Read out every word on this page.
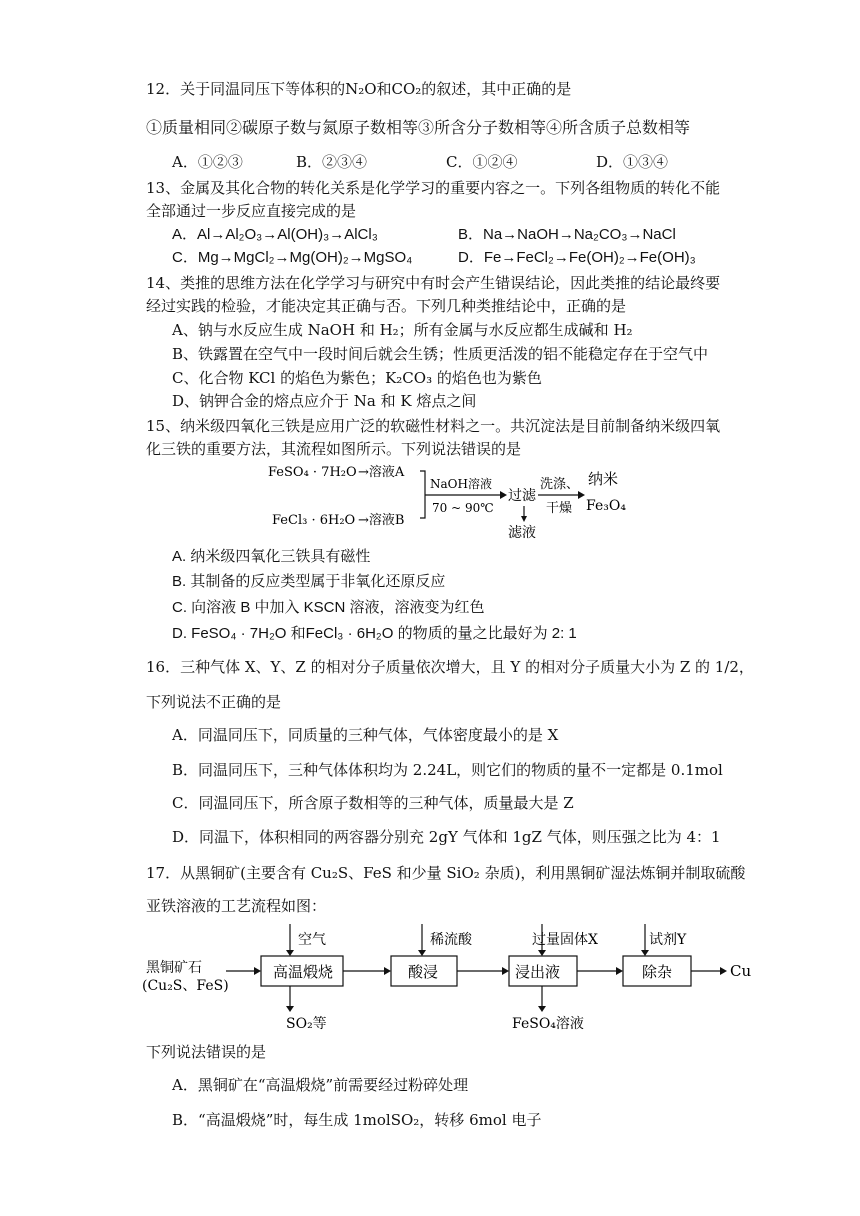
12．关于同温同压下等体积的N₂O和CO₂的叙述，其中正确的是
①质量相同②碳原子数与氮原子数相等③所含分子数相等④所含质子总数相等
A．①②③	B．②③④	C．①②④	D．①③④
13、金属及其化合物的转化关系是化学学习的重要内容之一。下列各组物质的转化不能
全部通过一步反应直接完成的是
A．Al→Al₂O₃→Al(OH)₃→AlCl₃	B．Na→NaOH→Na₂CO₃→NaCl
C．Mg→MgCl₂→Mg(OH)₂→MgSO₄	D．Fe→FeCl₂→Fe(OH)₂→Fe(OH)₃
14、类推的思维方法在化学学习与研究中有时会产生错误结论，因此类推的结论最终要
经过实践的检验，才能决定其正确与否。下列几种类推结论中，正确的是
A、钠与水反应生成 NaOH 和 H₂；所有金属与水反应都生成碱和 H₂
B、铁露置在空气中一段时间后就会生锈；性质更活泼的铝不能稳定存在于空气中
C、化合物 KCl 的焰色为紫色；K₂CO₃ 的焰色也为紫色
D、钠钾合金的熔点应介于 Na 和 K 熔点之间
15、纳米级四氧化三铁是应用广泛的软磁性材料之一。共沉淀法是目前制备纳米级四氧
化三铁的重要方法，其流程如图所示。下列说法错误的是
FeSO₄ · 7H₂O →溶液A
FeCl₃ · 6H₂O →溶液B
NaOH溶液
70 ~ 90℃
过滤
滤液
洗涤、
干燥
纳米
Fe₃O₄
A. 纳米级四氧化三铁具有磁性
B. 其制备的反应类型属于非氧化还原反应
C. 向溶液 B 中加入 KSCN 溶液，溶液变为红色
D. FeSO₄ · 7H₂O 和FeCl₃ · 6H₂O 的物质的量之比最好为 2: 1
16．三种气体 X、Y、Z 的相对分子质量依次增大，且 Y 的相对分子质量大小为 Z 的 1/2，
下列说法不正确的是
A．同温同压下，同质量的三种气体，气体密度最小的是 X
B．同温同压下，三种气体体积均为 2.24L，则它们的物质的量不一定都是 0.1mol
C．同温同压下，所含原子数相等的三种气体，质量最大是 Z
D．同温下，体积相同的两容器分别充 2gY 气体和 1gZ 气体，则压强之比为 4：1
17．从黑铜矿(主要含有 Cu₂S、FeS 和少量 SiO₂ 杂质)，利用黑铜矿湿法炼铜并制取硫酸
亚铁溶液的工艺流程如图：
黑铜矿石
(Cu₂S、FeS)
高温煅烧
空气
SO₂等
酸浸
稀流酸
浸出液
过量固体X
FeSO₄溶液
除杂
试剂Y
Cu
下列说法错误的是
A．黑铜矿在“高温煅烧”前需要经过粉碎处理
B．“高温煅烧”时，每生成 1molSO₂，转移 6mol 电子
